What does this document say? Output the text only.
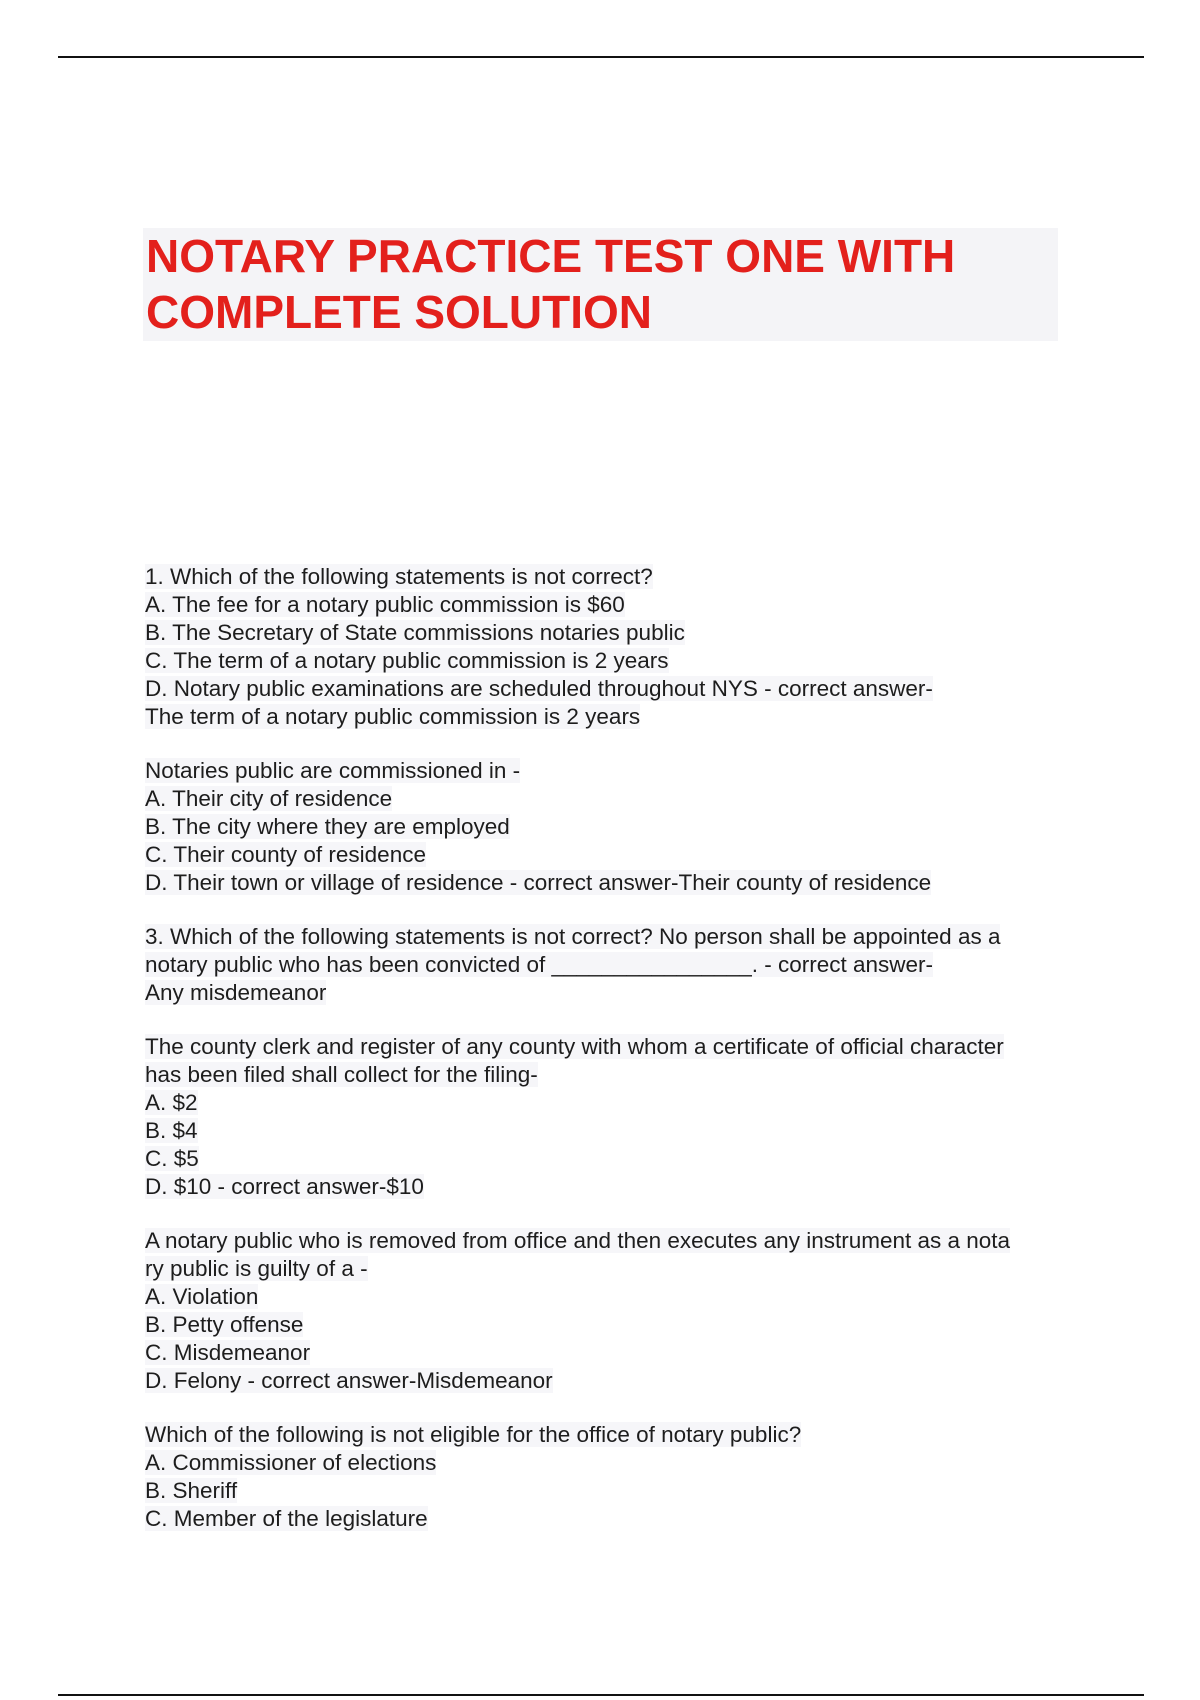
NOTARY PRACTICE TEST ONE WITH
COMPLETE SOLUTION
1. Which of the following statements is not correct?
A. The fee for a notary public commission is $60
B. The Secretary of State commissions notaries public
C. The term of a notary public commission is 2 years
D. Notary public examinations are scheduled throughout NYS - correct answer-
The term of a notary public commission is 2 years
Notaries public are commissioned in -
A. Their city of residence
B. The city where they are employed
C. Their county of residence
D. Their town or village of residence - correct answer-Their county of residence
3. Which of the following statements is not correct? No person shall be appointed as a
notary public who has been convicted of ________________. - correct answer-
Any misdemeanor
The county clerk and register of any county with whom a certificate of official character
has been filed shall collect for the filing-
A. $2
B. $4
C. $5
D. $10 - correct answer-$10
A notary public who is removed from office and then executes any instrument as a nota
ry public is guilty of a -
A. Violation
B. Petty offense
C. Misdemeanor
D. Felony - correct answer-Misdemeanor
Which of the following is not eligible for the office of notary public?
A. Commissioner of elections
B. Sheriff
C. Member of the legislature
